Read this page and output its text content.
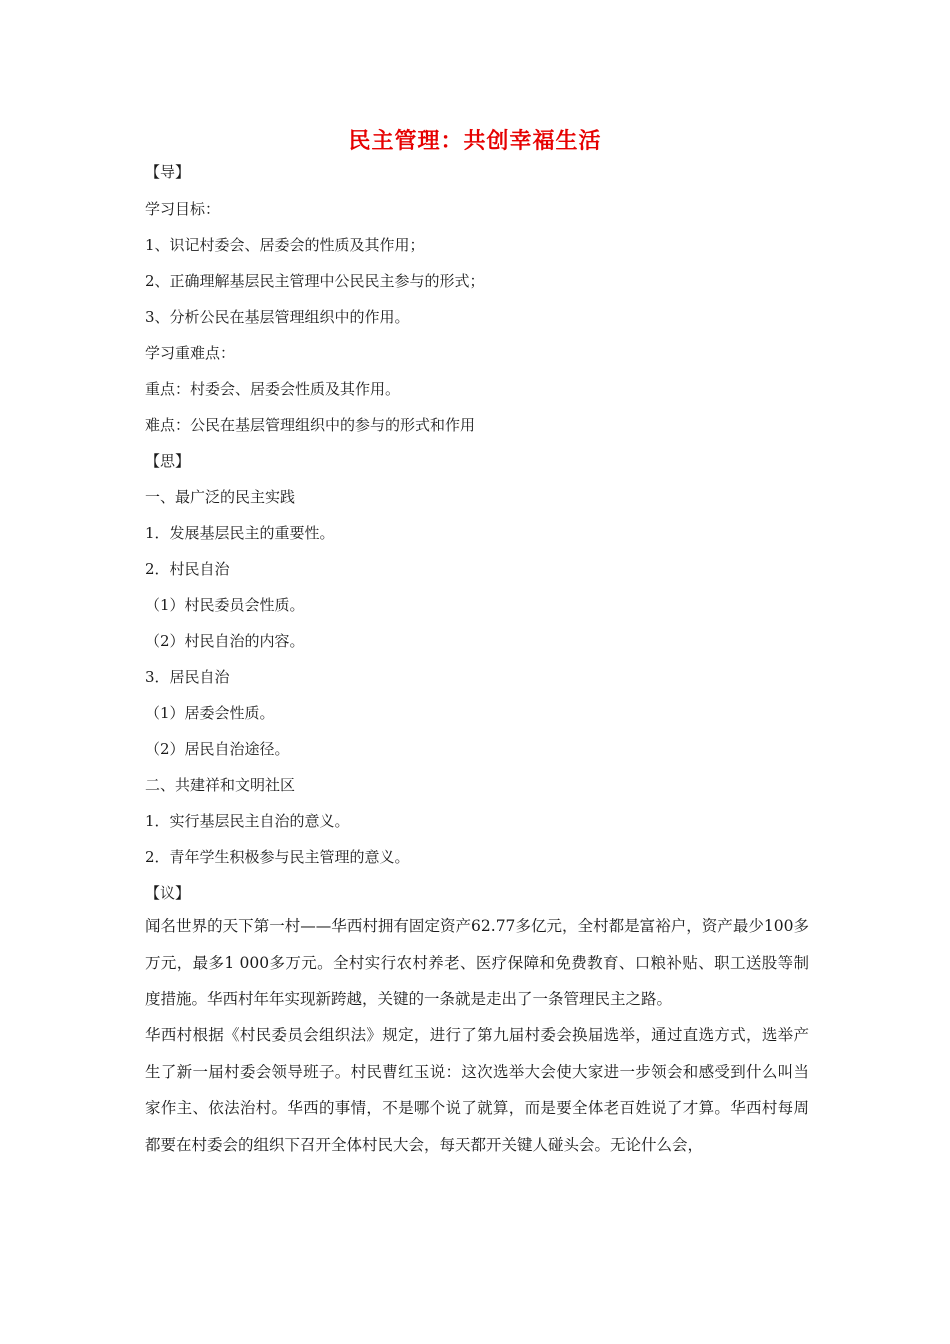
民主管理：共创幸福生活
【导】
学习目标：
1、识记村委会、居委会的性质及其作用；
2、正确理解基层民主管理中公民民主参与的形式；
3、分析公民在基层管理组织中的作用。
学习重难点：
重点：村委会、居委会性质及其作用。
难点：公民在基层管理组织中的参与的形式和作用
【思】
一、最广泛的民主实践
1．发展基层民主的重要性。
2．村民自治
（1）村民委员会性质。
（2）村民自治的内容。
3．居民自治
（1）居委会性质。
（2）居民自治途径。
二、共建祥和文明社区
1．实行基层民主自治的意义。
2．青年学生积极参与民主管理的意义。
【议】
闻名世界的天下第一村——华西村拥有固定资产62.77多亿元，全村都是富裕户，资产最少100多万元，最多1 000多万元。全村实行农村养老、医疗保障和免费教育、口粮补贴、职工送股等制度措施。华西村年年实现新跨越，关键的一条就是走出了一条管理民主之路。
华西村根据《村民委员会组织法》规定，进行了第九届村委会换届选举，通过直选方式，选举产生了新一届村委会领导班子。村民曹红玉说：这次选举大会使大家进一步领会和感受到什么叫当家作主、依法治村。华西的事情，不是哪个说了就算，而是要全体老百姓说了才算。华西村每周都要在村委会的组织下召开全体村民大会，每天都开关键人碰头会。无论什么会，
